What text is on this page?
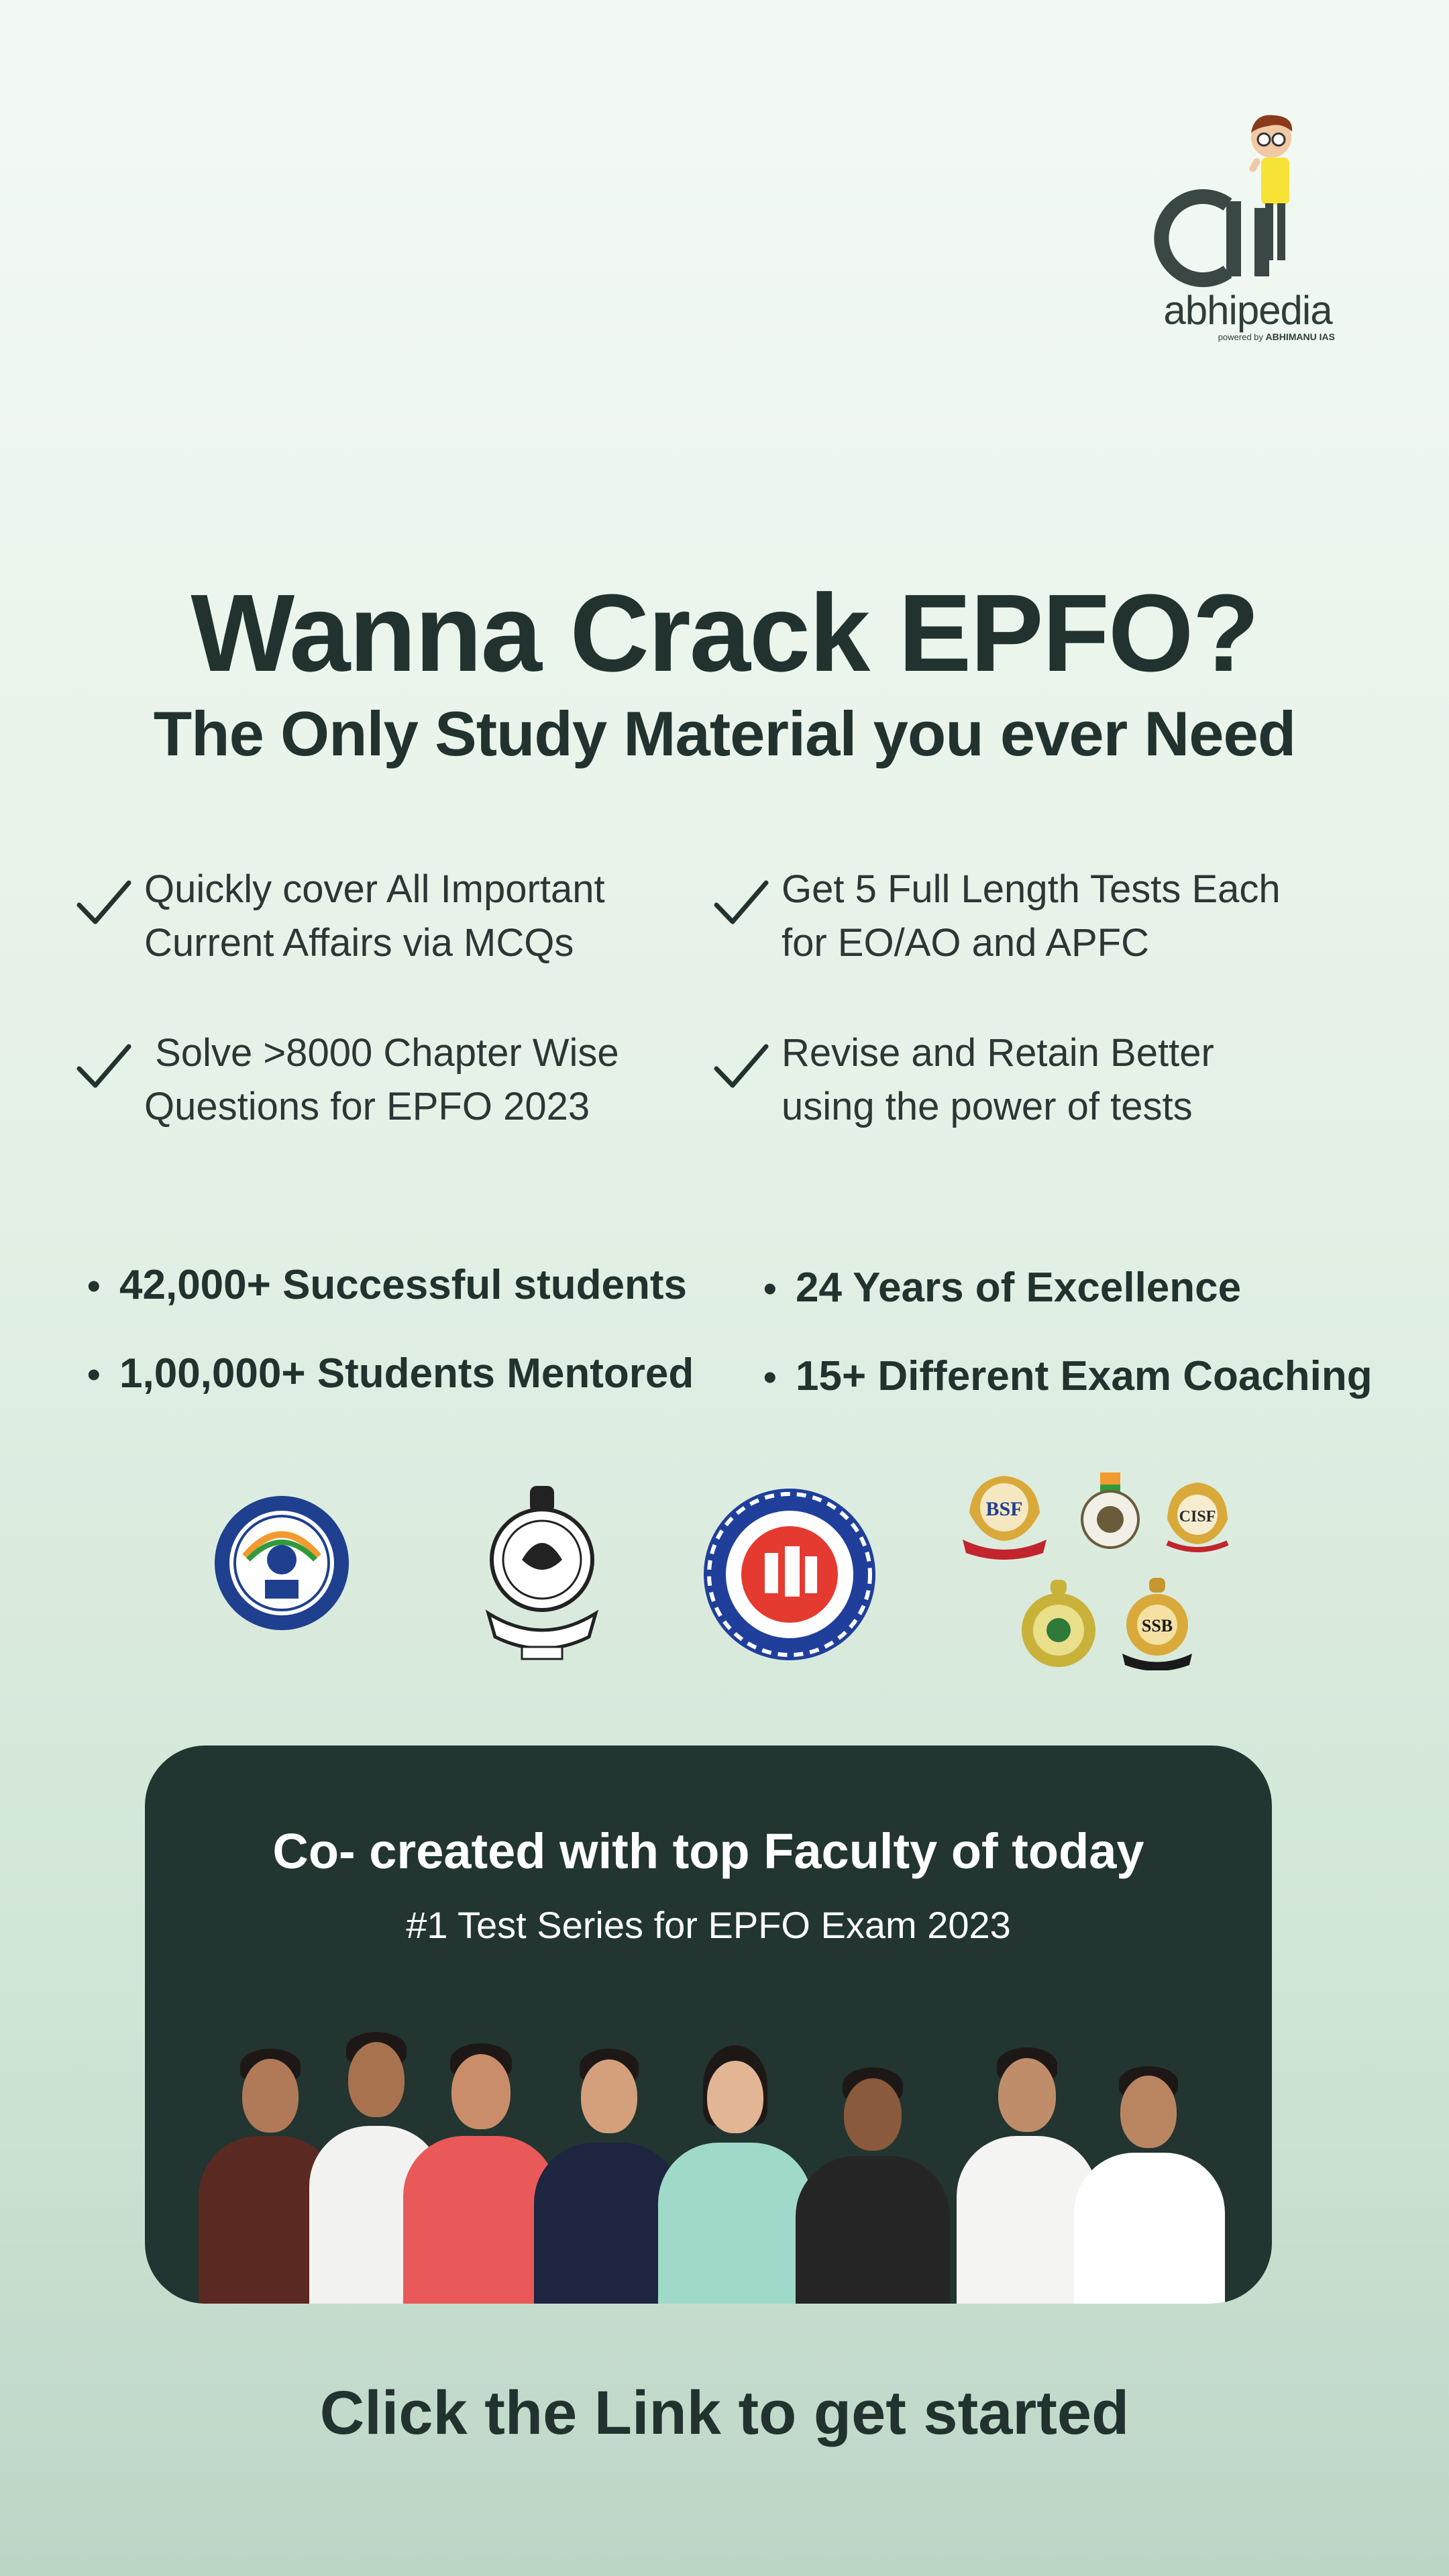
abhipedia
powered by ABHIMANU IAS
Wanna Crack EPFO?
The Only Study Material you ever Need
Quickly cover All Important
Current Affairs via MCQs
Get 5 Full Length Tests Each
for EO/AO and APFC
Solve >8000 Chapter Wise
Questions for EPFO 2023
Revise and Retain Better
using the power of tests
• 42,000+ Successful students	• 24 Years of Excellence
• 1,00,000+ Students Mentored	• 15+ Different Exam Coaching
BSF	CISF
SSB
Co- created with top Faculty of today
#1 Test Series for EPFO Exam 2023
Click the Link to get started
